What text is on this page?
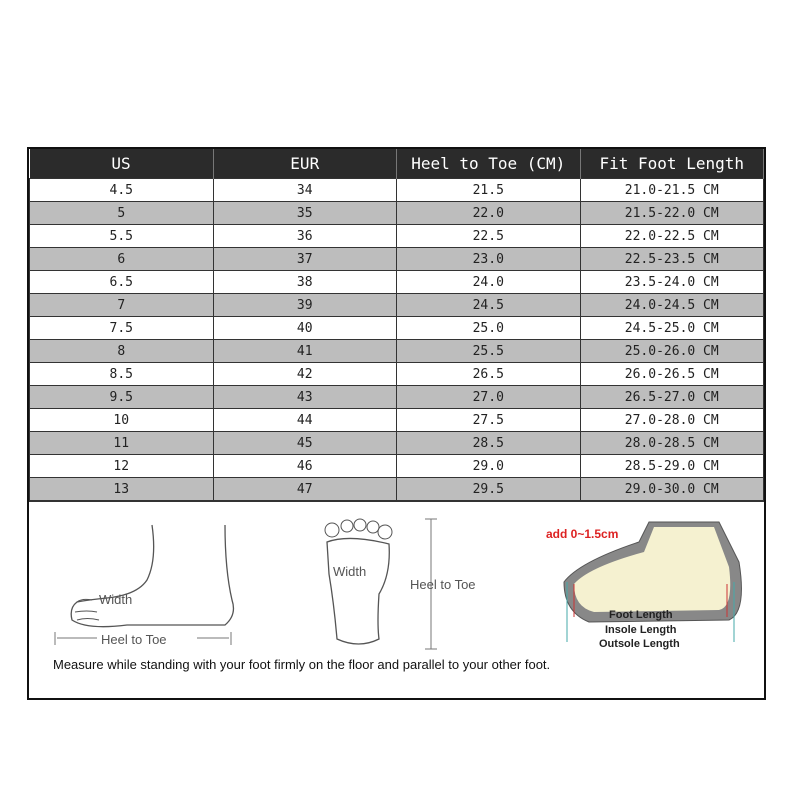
US	EUR	Heel to Toe (CM)	Fit Foot Length
4.5	34	21.5	21.0-21.5 CM
5	35	22.0	21.5-22.0 CM
5.5	36	22.5	22.0-22.5 CM
6	37	23.0	22.5-23.5 CM
6.5	38	24.0	23.5-24.0 CM
7	39	24.5	24.0-24.5 CM
7.5	40	25.0	24.5-25.0 CM
8	41	25.5	25.0-26.0 CM
8.5	42	26.5	26.0-26.5 CM
9.5	43	27.0	26.5-27.0 CM
10	44	27.5	27.0-28.0 CM
11	45	28.5	28.0-28.5 CM
12	46	29.0	28.5-29.0 CM
13	47	29.5	29.0-30.0 CM
Width
Heel to Toe
Width
Heel to Toe
add 0~1.5cm
Foot Length
Insole Length
Outsole Length
Measure while standing with your foot firmly on the floor and parallel to your other foot.
